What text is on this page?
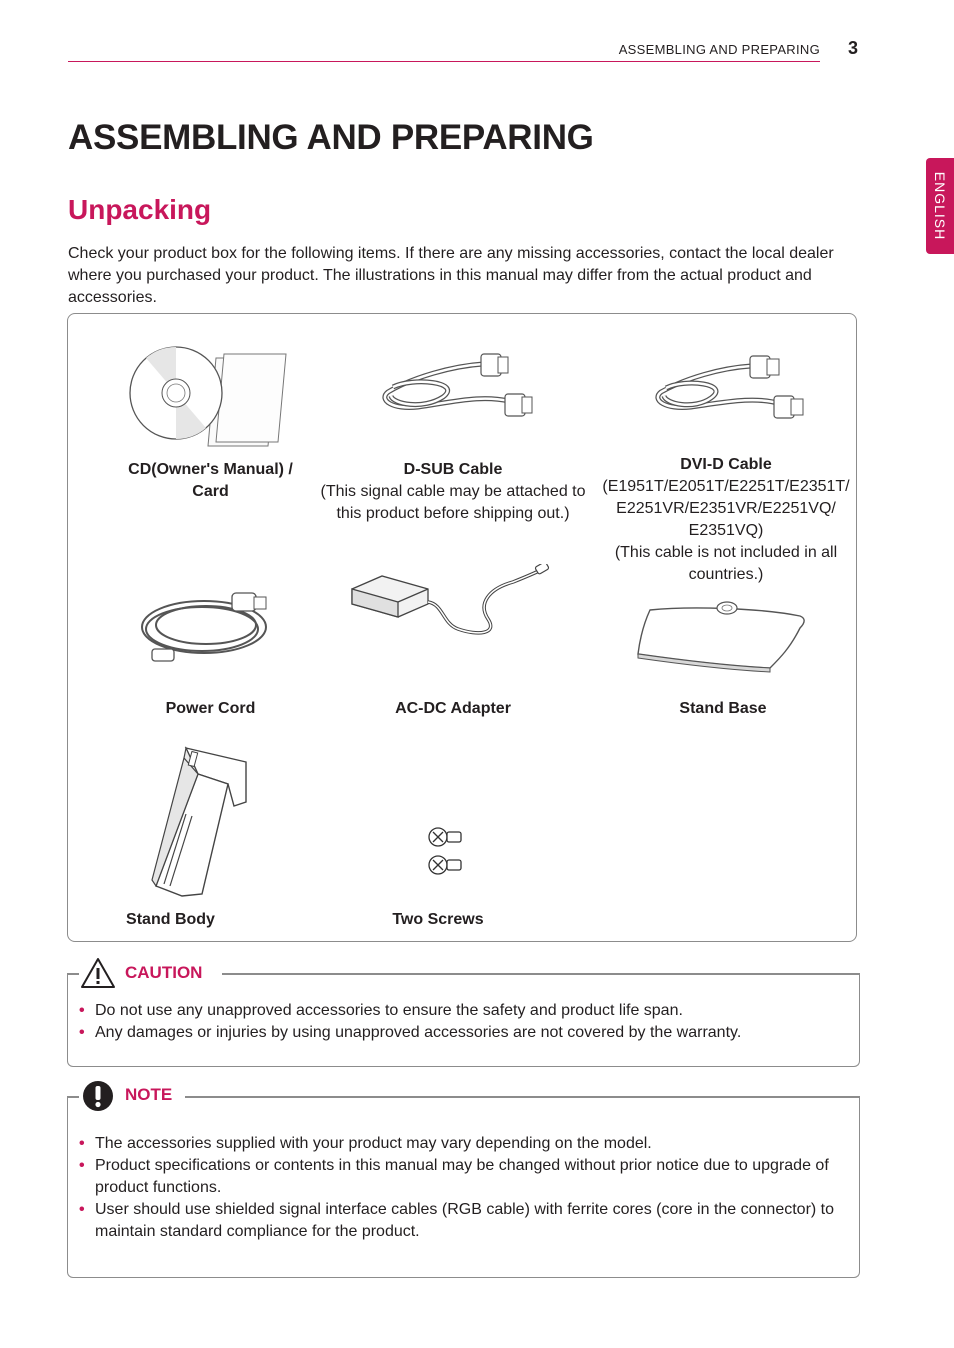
ASSEMBLING AND PREPARING 3
ENGLISH
ASSEMBLING AND PREPARING
Unpacking
Check your product box for the following items. If there are any missing accessories, contact the local dealer where you purchased your product. The illustrations in this manual may differ from the actual product and accessories.
CD(Owner's Manual) / Card
D-SUB Cable
(This signal cable may be attached to this product before shipping out.)
DVI-D Cable
(E1951T/E2051T/E2251T/E2351T/ E2251VR/E2351VR/E2251VQ/ E2351VQ)
(This cable is not included in all countries.)
Power Cord	AC-DC Adapter	Stand Base
Stand Body	Two Screws
• Do not use any unapproved accessories to ensure the safety and product life span.
• Any damages or injuries by using unapproved accessories are not covered by the warranty.
CAUTION
• The accessories supplied with your product may vary depending on the model.
• Product specifications or contents in this manual may be changed without prior notice due to upgrade of product functions.
• User should use shielded signal interface cables (RGB cable) with ferrite cores (core in the connector) to maintain standard compliance for the product.
NOTE
